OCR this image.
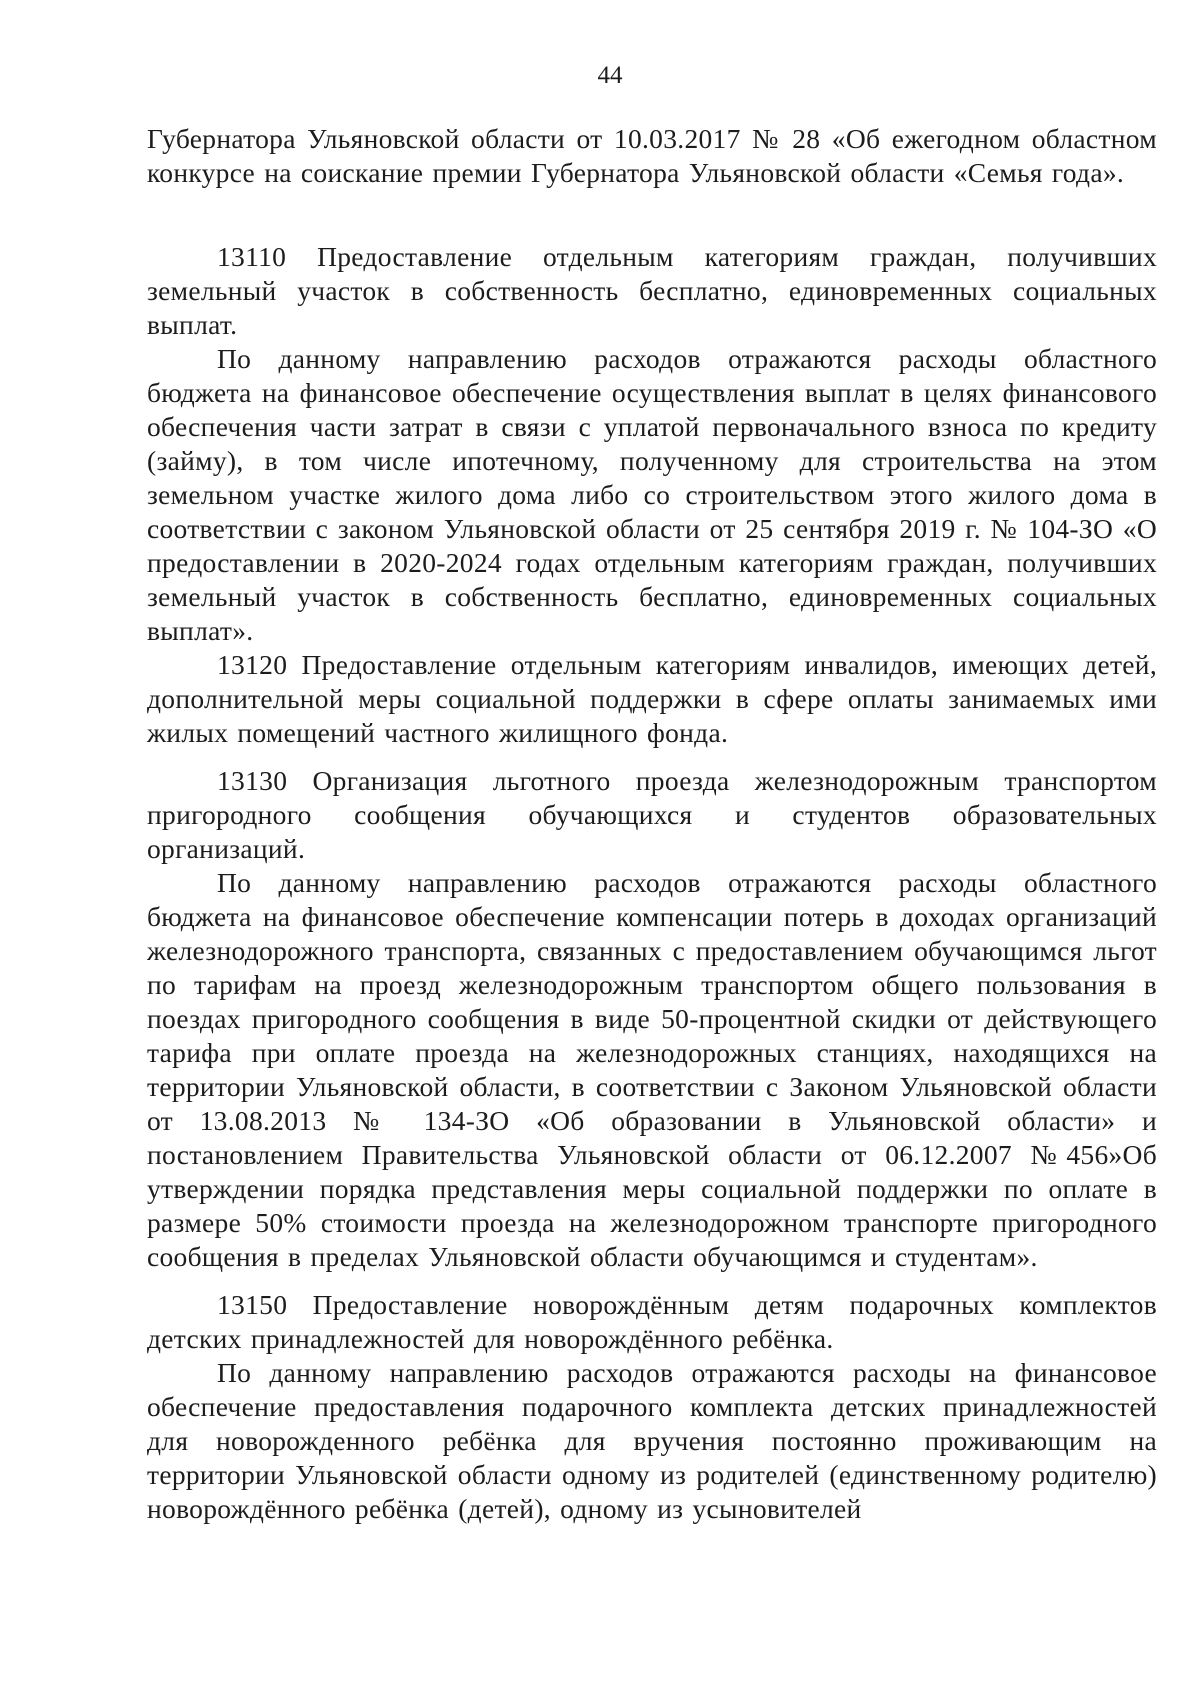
44

Губернатора Ульяновской области от 10.03.2017 № 28 «Об ежегодном областном конкурсе на соискание премии Губернатора Ульяновской области «Семья года».

13110 Предоставление отдельным категориям граждан, получивших земельный участок в собственность бесплатно, единовременных социальных выплат.

По данному направлению расходов отражаются расходы областного бюджета на финансовое обеспечение осуществления выплат в целях финансового обеспечения части затрат в связи с уплатой первоначального взноса по кредиту (займу), в том числе ипотечному, полученному для строительства на этом земельном участке жилого дома либо со строительством этого жилого дома в соответствии с законом Ульяновской области от 25 сентября 2019 г. № 104-ЗО «О предоставлении в 2020-2024 годах отдельным категориям граждан, получивших земельный участок в собственность бесплатно, единовременных социальных выплат».

13120 Предоставление отдельным категориям инвалидов, имеющих детей, дополнительной меры социальной поддержки в сфере оплаты занимаемых ими жилых помещений частного жилищного фонда.

13130 Организация льготного проезда железнодорожным транспортом пригородного сообщения обучающихся и студентов образовательных организаций.

По данному направлению расходов отражаются расходы областного бюджета на финансовое обеспечение компенсации потерь в доходах организаций железнодорожного транспорта, связанных с предоставлением обучающимся льгот по тарифам на проезд железнодорожным транспортом общего пользования в поездах пригородного сообщения в виде 50-процентной скидки от действующего тарифа при оплате проезда на железнодорожных станциях, находящихся на территории Ульяновской области, в соответствии с Законом Ульяновской области от 13.08.2013 № 134-ЗО «Об образовании в Ульяновской области» и постановлением Правительства Ульяновской области от 06.12.2007 №456»Об утверждении порядка представления меры социальной поддержки по оплате в размере 50% стоимости проезда на железнодорожном транспорте пригородного сообщения в пределах Ульяновской области обучающимся и студентам».

13150 Предоставление новорождённым детям подарочных комплектов детских принадлежностей для новорождённого ребёнка.

По данному направлению расходов отражаются расходы на финансовое обеспечение предоставления подарочного комплекта детских принадлежностей для новорожденного ребёнка для вручения постоянно проживающим на территории Ульяновской области одному из родителей (единственному родителю) новорождённого ребёнка (детей), одному из усыновителей
